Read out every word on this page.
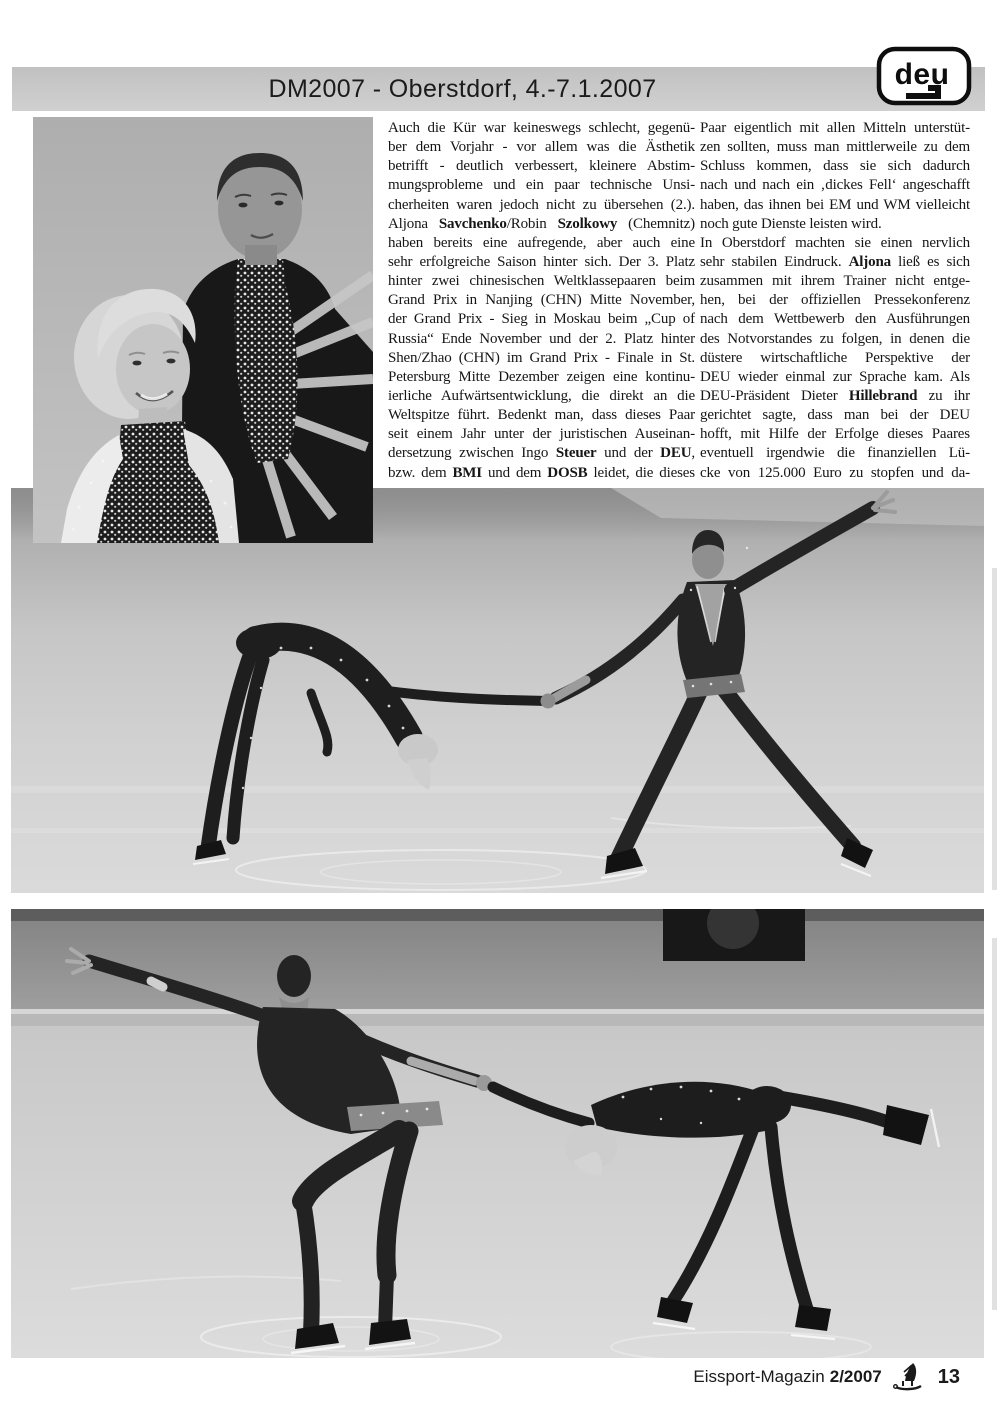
DM2007 - Oberstdorf, 4.-7.1.2007	deu
Auch die Kür war keineswegs schlecht, gegenü-
ber dem Vorjahr - vor allem was die Ästhetik
betrifft - deutlich verbessert, kleinere Abstim-
mungsprobleme und ein paar technische Unsi-
cherheiten waren jedoch nicht zu übersehen (2.).
Aljona Savchenko/Robin Szolkowy (Chemnitz)
haben bereits eine aufregende, aber auch eine
sehr erfolgreiche Saison hinter sich. Der 3. Platz
hinter zwei chinesischen Weltklassepaaren beim
Grand Prix in Nanjing (CHN) Mitte November,
der Grand Prix - Sieg in Moskau beim „Cup of
Russia“ Ende November und der 2. Platz hinter
Shen/Zhao (CHN) im Grand Prix - Finale in St.
Petersburg Mitte Dezember zeigen eine kontinu-
ierliche Aufwärtsentwicklung, die direkt an die
Weltspitze führt. Bedenkt man, dass dieses Paar
seit einem Jahr unter der juristischen Auseinan-
dersetzung zwischen Ingo Steuer und der DEU,
bzw. dem BMI und dem DOSB leidet, die dieses
Paar eigentlich mit allen Mitteln unterstüt-
zen sollten, muss man mittlerweile zu dem
Schluss kommen, dass sie sich dadurch
nach und nach ein ‚dickes Fell‘ angeschafft
haben, das ihnen bei EM und WM vielleicht
noch gute Dienste leisten wird.
In Oberstdorf machten sie einen nervlich
sehr stabilen Eindruck. Aljona ließ es sich
zusammen mit ihrem Trainer nicht entge-
hen, bei der offiziellen Pressekonferenz
nach dem Wettbewerb den Ausführungen
des Notvorstandes zu folgen, in denen die
düstere wirtschaftliche Perspektive der
DEU wieder einmal zur Sprache kam. Als
DEU-Präsident Dieter Hillebrand zu ihr
gerichtet sagte, dass man bei der DEU
hofft, mit Hilfe der Erfolge dieses Paares
eventuell irgendwie die finanziellen Lü-
cke von 125.000 Euro zu stopfen und da-
Eissport-Magazin 2/2007	13
